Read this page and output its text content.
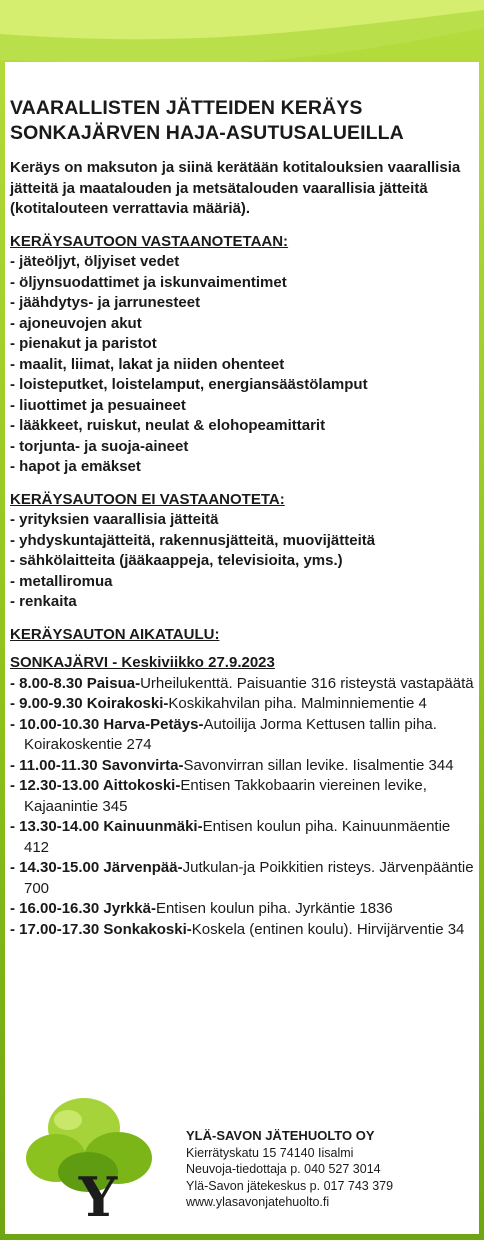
VAARALLISTEN JÄTTEIDEN KERÄYS
SONKAJÄRVEN HAJA-ASUTUSALUEILLA

Keräys on maksuton ja siinä kerätään kotitalouksien vaarallisia jätteitä ja maatalouden ja metsätalouden vaarallisia jätteitä (kotitalouteen verrattavia määriä).

KERÄYSAUTOON VASTAANOTETAAN:
- jäteöljyt, öljyiset vedet
- öljynsuodattimet ja iskunvaimentimet
- jäähdytys- ja jarrunesteet
- ajoneuvojen akut
- pienakut ja paristot
- maalit, liimat, lakat ja niiden ohenteet
- loisteputket, loistelamput, energiansäästölamput
- liuottimet ja pesuaineet
- lääkkeet, ruiskut, neulat & elohopeamittarit
- torjunta- ja suoja-aineet
- hapot ja emäkset
KERÄYSAUTOON EI VASTAANOTETA:
- yrityksien vaarallisia jätteitä
- yhdyskuntajätteitä, rakennusjätteitä, muovijätteitä
- sähkölaitteita (jääkaappeja, televisioita, yms.)
- metalliromua
- renkaita
KERÄYSAUTON AIKATAULU:
SONKAJÄRVI - Keskiviikko 27.9.2023
- 8.00-8.30 Paisua-Urheilukenttä. Paisuantie 316 risteystä vastapäätä
- 9.00-9.30 Koirakoski-Koskikahvilan piha. Malminniementie 4
- 10.00-10.30 Harva-Petäys-Autoilija Jorma Kettusen tallin piha. Koirakoskentie 274
- 11.00-11.30 Savonvirta-Savonvirran sillan levike. Iisalmentie 344
- 12.30-13.00 Aittokoski-Entisen Takkobaarin viereinen levike, Kajaanintie 345
- 13.30-14.00 Kainuunmäki-Entisen koulun piha. Kainuunmäentie 412
- 14.30-15.00 Järvenpää-Jutkulan-ja Poikkitien risteys. Järvenpääntie 700
- 16.00-16.30 Jyrkkä-Entisen koulun piha. Jyrkäntie 1836
- 17.00-17.30 Sonkakoski-Koskela (entinen koulu). Hirvijärventie 34
Y
YLÄ-SAVON JÄTEHUOLTO OY
Kierrätyskatu 15 74140 Iisalmi
Neuvoja-tiedottaja p. 040 527 3014
Ylä-Savon jätekeskus p. 017 743 379
www.ylasavonjatehuolto.fi
